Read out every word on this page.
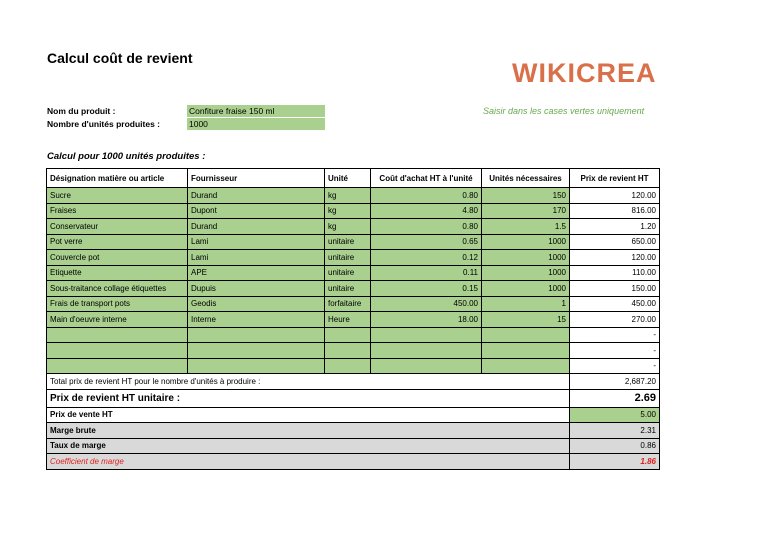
Calcul coût de revient	WIKICREA
Saisir dans les cases vertes uniquement
Nom du produit :	Confiture fraise 150 ml
Nombre d'unités produites :	1000
Calcul pour 1000 unités produites :
Désignation matière ou article	Fournisseur	Unité	Coût d'achat HT à l'unité	Unités nécessaires	Prix de revient HT
Sucre	Durand	kg	0.80	150	120.00
Fraises	Dupont	kg	4.80	170	816.00
Conservateur	Durand	kg	0.80	1.5	1.20
Pot verre	Lami	unitaire	0.65	1000	650.00
Couvercle pot	Lami	unitaire	0.12	1000	120.00
Etiquette	APE	unitaire	0.11	1000	110.00
Sous-traitance collage étiquettes	Dupuis	unitaire	0.15	1000	150.00
Frais de transport pots	Geodis	forfaitaire	450.00	1	450.00
Main d'oeuvre interne	Interne	Heure	18.00	15	270.00
					-
					-
					-
Total prix de revient HT pour le nombre d'unités à produire :					2,687.20
Prix de revient HT unitaire :					2.69
Prix de vente HT					5.00
Marge brute					2.31
Taux de marge					0.86
Coefficient de marge					1.86
